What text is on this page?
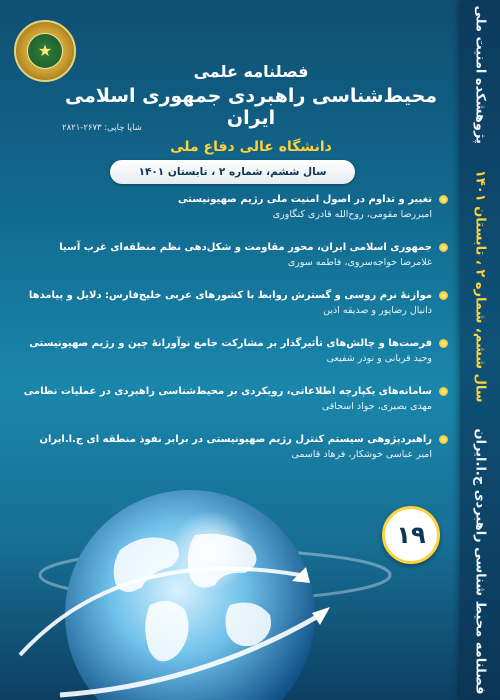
★
فصلنامه علمی
محیط‌شناسی راهبردی جمهوری اسلامی ایران
دانشگاه عالی دفاع ملی
شاپا چاپی: ۲۶۷۳-۲۸۲۱
سال ششم، شماره ۲ ، تابستان ۱۴۰۱
تغییر و تداوم در اصول امنیت ملی رژیم صهیونیستی
امیررضا مقومی، روح‌الله قادری کنگاوری
جمهوری اسلامی ایران، محور مقاومت و شکل‌دهی نظم منطقه‌ای غرب آسیا
غلامرضا خواجه‌سروی، فاطمه سوری
موازنهٔ نرم روسی و گسترش روابط با کشورهای عربی خلیج‌فارس: دلایل و پیامدها
دانیال رضاپور و صدیقه اذین
فرصت‌ها و چالش‌های تأثیرگذار بر مشارکت جامع نوآورانهٔ چین و رژیم صهیونیستی
وحید قربانی و نوذر شفیعی
سامانه‌های یکپارچه اطلاعاتی، رویکردی بر محیط‌شناسی راهبردی در عملیات نظامی
مهدی بصیری، جواد اسحاقی
راهبردپژوهی سیستم کنترل رژیم صهیونیستی در برابر نفوذ منطقه ای ج.ا.ایران
امیر عباسی خوشکار، فرهاد قاسمی
۱۹	فصلنامه محیط شناسی راهبردی ج.ا.ایرانسال ششم، شماره ۲ ، تابستان ۱۴۰۱پژوهشکده امنیت ملی
